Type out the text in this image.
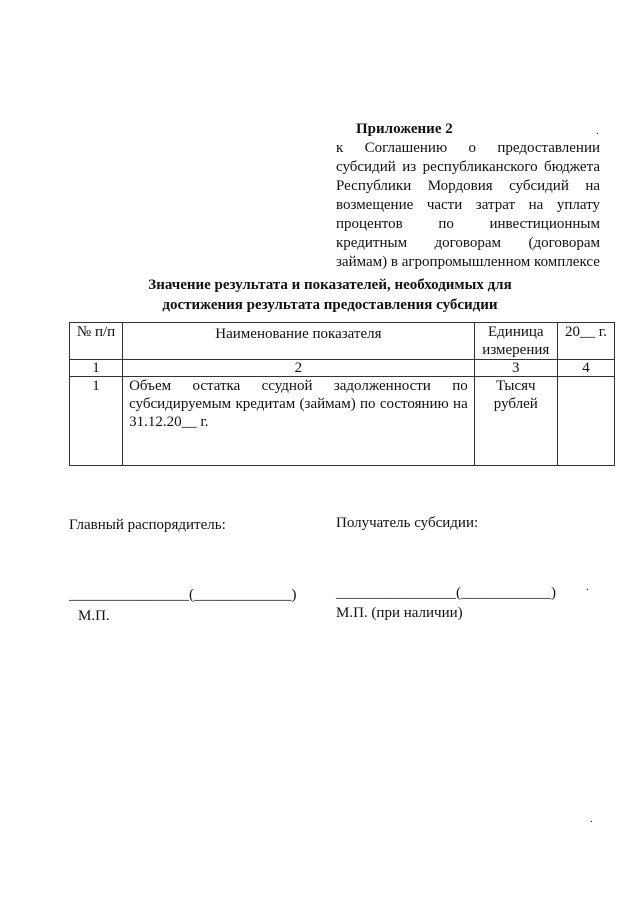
Приложение 2
к Соглашению о предоставлении субсидий из республиканского бюджета Республики Мордовия субсидий на возмещение части затрат на уплату процентов по инвестиционным кредитным договорам (договорам займам) в агропромышленном комплексе
.
Значение результата и показателей, необходимых для
достижения результата предоставления субсидии
№ п/п	Наименование показателя	Единица измерения	20__ г.
1	2	3	4
1	Объем остатка ссудной задолженности по субсидируемым кредитам (займам) по состоянию на 31.12.20__ г.	Тысяч рублей	
Главный распорядитель:	Получатель субсидии:
________________(_____________)	________________(____________)	.
М.П.	М.П. (при наличии)
.
